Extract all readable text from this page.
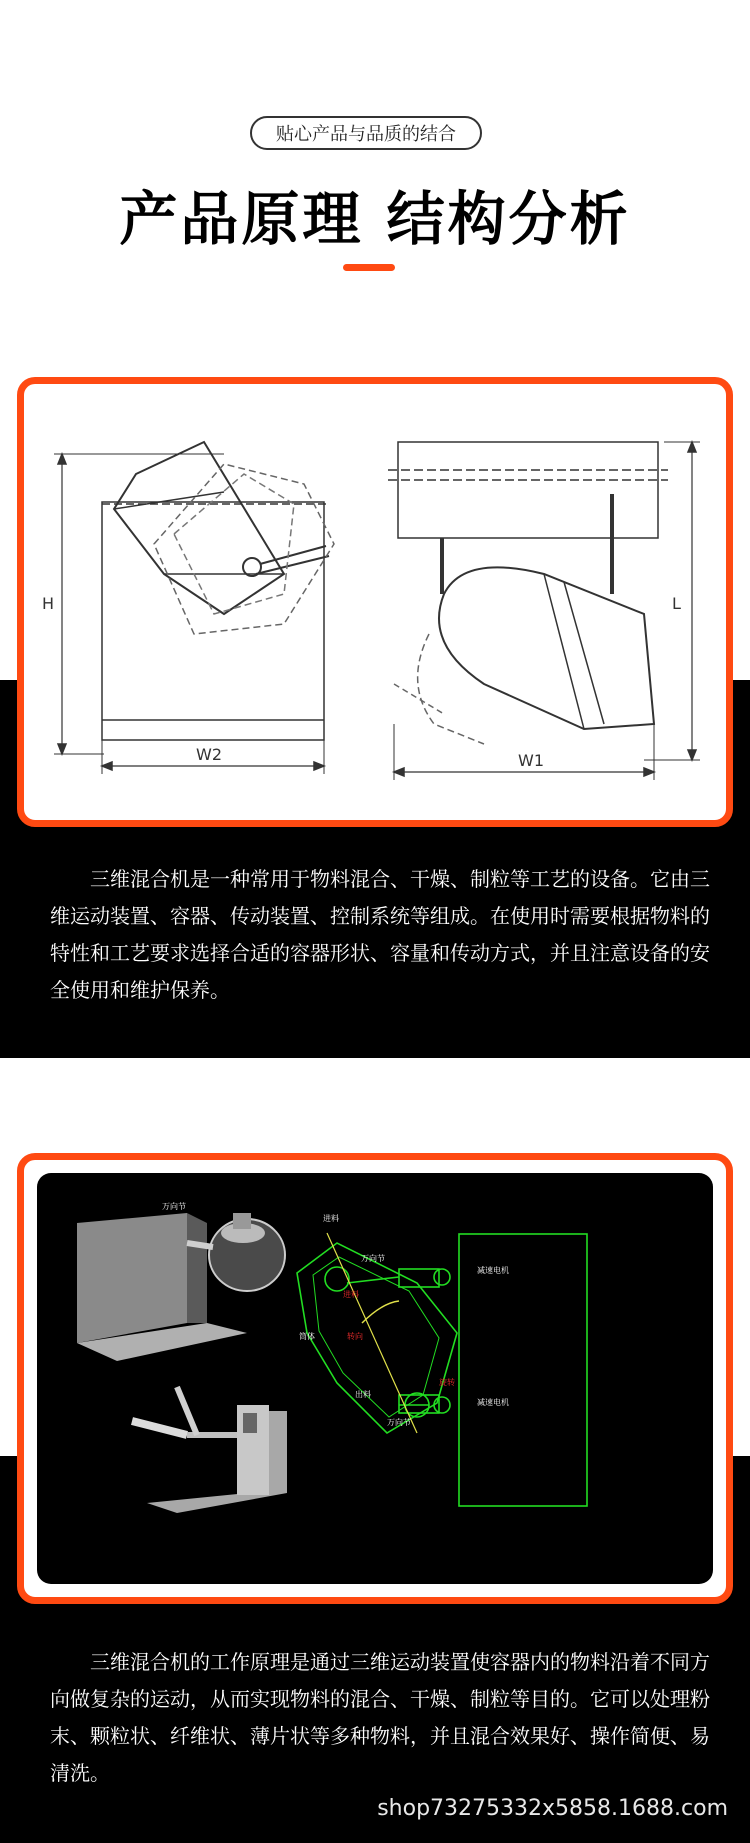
贴心产品与品质的结合
产品原理 结构分析
H
W2	W1
L
三维混合机是一种常用于物料混合、干燥、制粒等工艺的设备。它由三维运动装置、容器、传动装置、控制系统等组成。在使用时需要根据物料的特性和工艺要求选择合适的容器形状、容量和传动方式，并且注意设备的安全使用和维护保养。
万向节
进料
万向节
减速电机
筒体
出料
万向节
减速电机
进料
转向
旋转
三维混合机的工作原理是通过三维运动装置使容器内的物料沿着不同方向做复杂的运动，从而实现物料的混合、干燥、制粒等目的。它可以处理粉末、颗粒状、纤维状、薄片状等多种物料，并且混合效果好、操作简便、易清洗。
shop73275332x5858.1688.com
